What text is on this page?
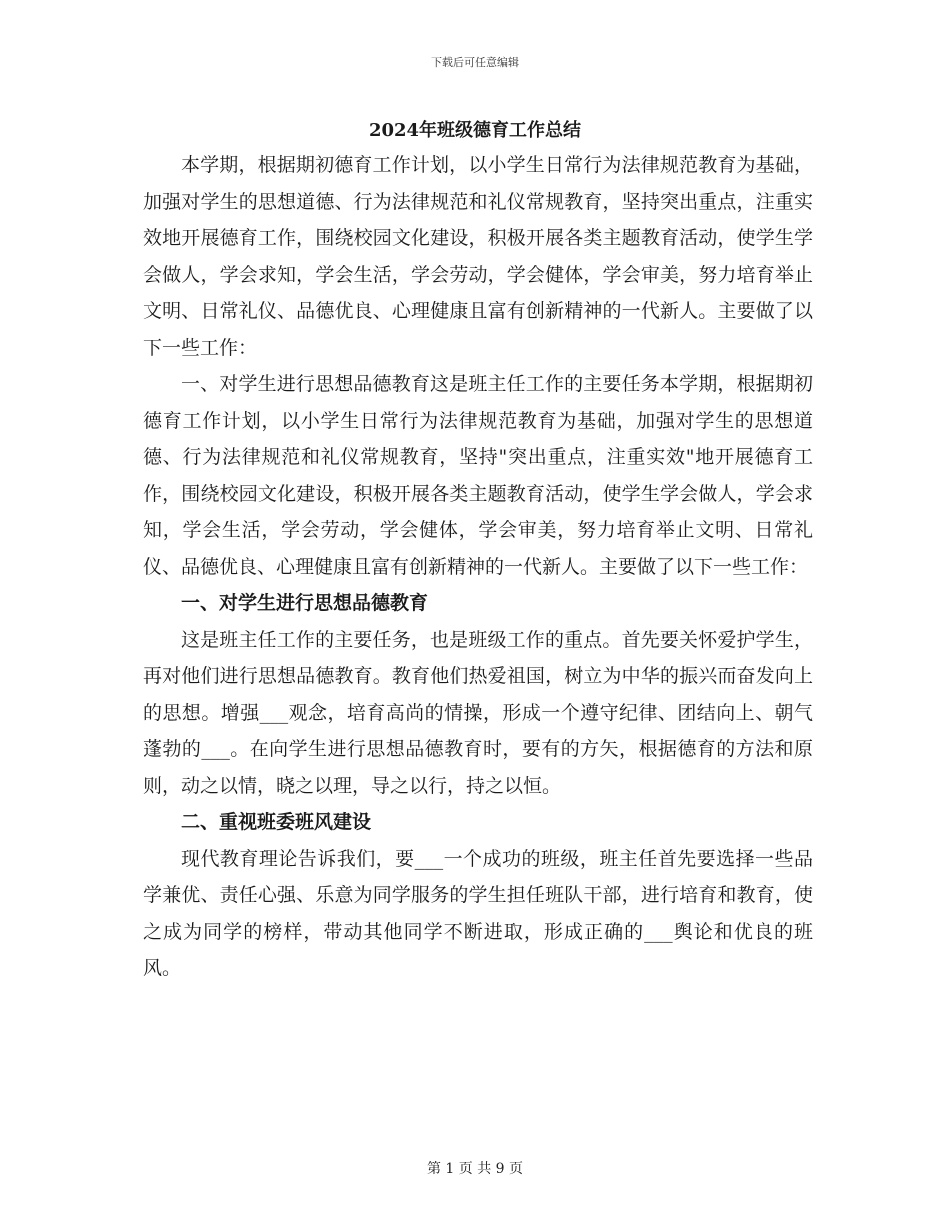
下载后可任意编辑
2024年班级德育工作总结

本学期，根据期初德育工作计划，以小学生日常行为法律规范教育为基础，加强对学生的思想道德、行为法律规范和礼仪常规教育，坚持突出重点，注重实效地开展德育工作，围绕校园文化建设，积极开展各类主题教育活动，使学生学会做人，学会求知，学会生活，学会劳动，学会健体，学会审美，努力培育举止文明、日常礼仪、品德优良、心理健康且富有创新精神的一代新人。主要做了以下一些工作：

一、对学生进行思想品德教育这是班主任工作的主要任务本学期，根据期初德育工作计划，以小学生日常行为法律规范教育为基础，加强对学生的思想道德、行为法律规范和礼仪常规教育，坚持"突出重点，注重实效"地开展德育工作，围绕校园文化建设，积极开展各类主题教育活动，使学生学会做人，学会求知，学会生活，学会劳动，学会健体，学会审美，努力培育举止文明、日常礼仪、品德优良、心理健康且富有创新精神的一代新人。主要做了以下一些工作：

一、对学生进行思想品德教育

这是班主任工作的主要任务，也是班级工作的重点。首先要关怀爱护学生，再对他们进行思想品德教育。教育他们热爱祖国，树立为中华的振兴而奋发向上的思想。增强___观念，培育高尚的情操，形成一个遵守纪律、团结向上、朝气蓬勃的___。在向学生进行思想品德教育时，要有的方矢，根据德育的方法和原则，动之以情，晓之以理，导之以行，持之以恒。

二、重视班委班风建设

现代教育理论告诉我们，要___一个成功的班级，班主任首先要选择一些品学兼优、责任心强、乐意为同学服务的学生担任班队干部，进行培育和教育，使之成为同学的榜样，带动其他同学不断进取，形成正确的___舆论和优良的班风。

第 1 页 共 9 页
